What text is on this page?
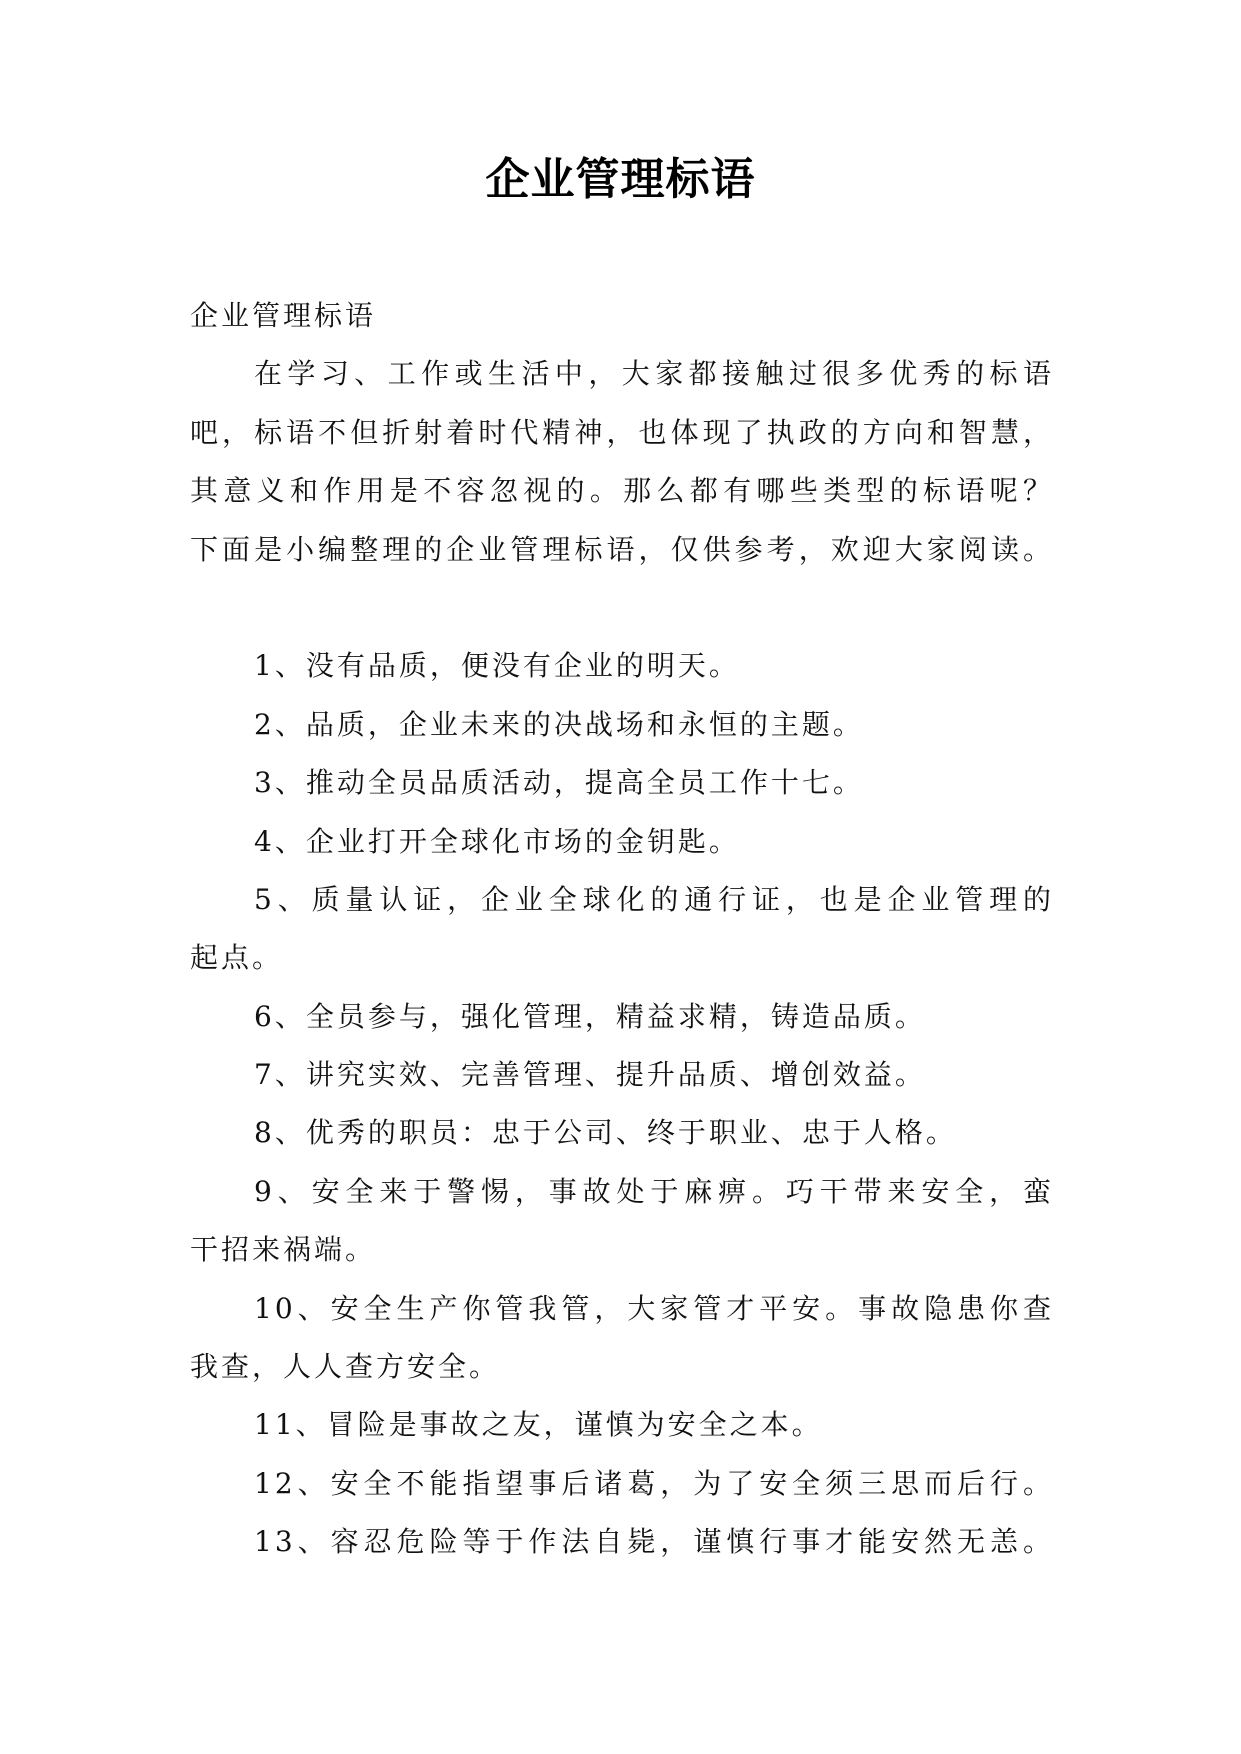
企业管理标语
企业管理标语
在学习、工作或生活中，大家都接触过很多优秀的标语
吧，标语不但折射着时代精神，也体现了执政的方向和智慧，
其意义和作用是不容忽视的。那么都有哪些类型的标语呢？
下面是小编整理的企业管理标语，仅供参考，欢迎大家阅读。
1、没有品质，便没有企业的明天。
2、品质，企业未来的决战场和永恒的主题。
3、推动全员品质活动，提高全员工作十七。
4、企业打开全球化市场的金钥匙。
5、质量认证，企业全球化的通行证，也是企业管理的
起点。
6、全员参与，强化管理，精益求精，铸造品质。
7、讲究实效、完善管理、提升品质、增创效益。
8、优秀的职员：忠于公司、终于职业、忠于人格。
9、安全来于警惕，事故处于麻痹。巧干带来安全，蛮
干招来祸端。
10、安全生产你管我管，大家管才平安。事故隐患你查
我查，人人查方安全。
11、冒险是事故之友，谨慎为安全之本。
12、安全不能指望事后诸葛，为了安全须三思而后行。
13、容忍危险等于作法自毙，谨慎行事才能安然无恙。
